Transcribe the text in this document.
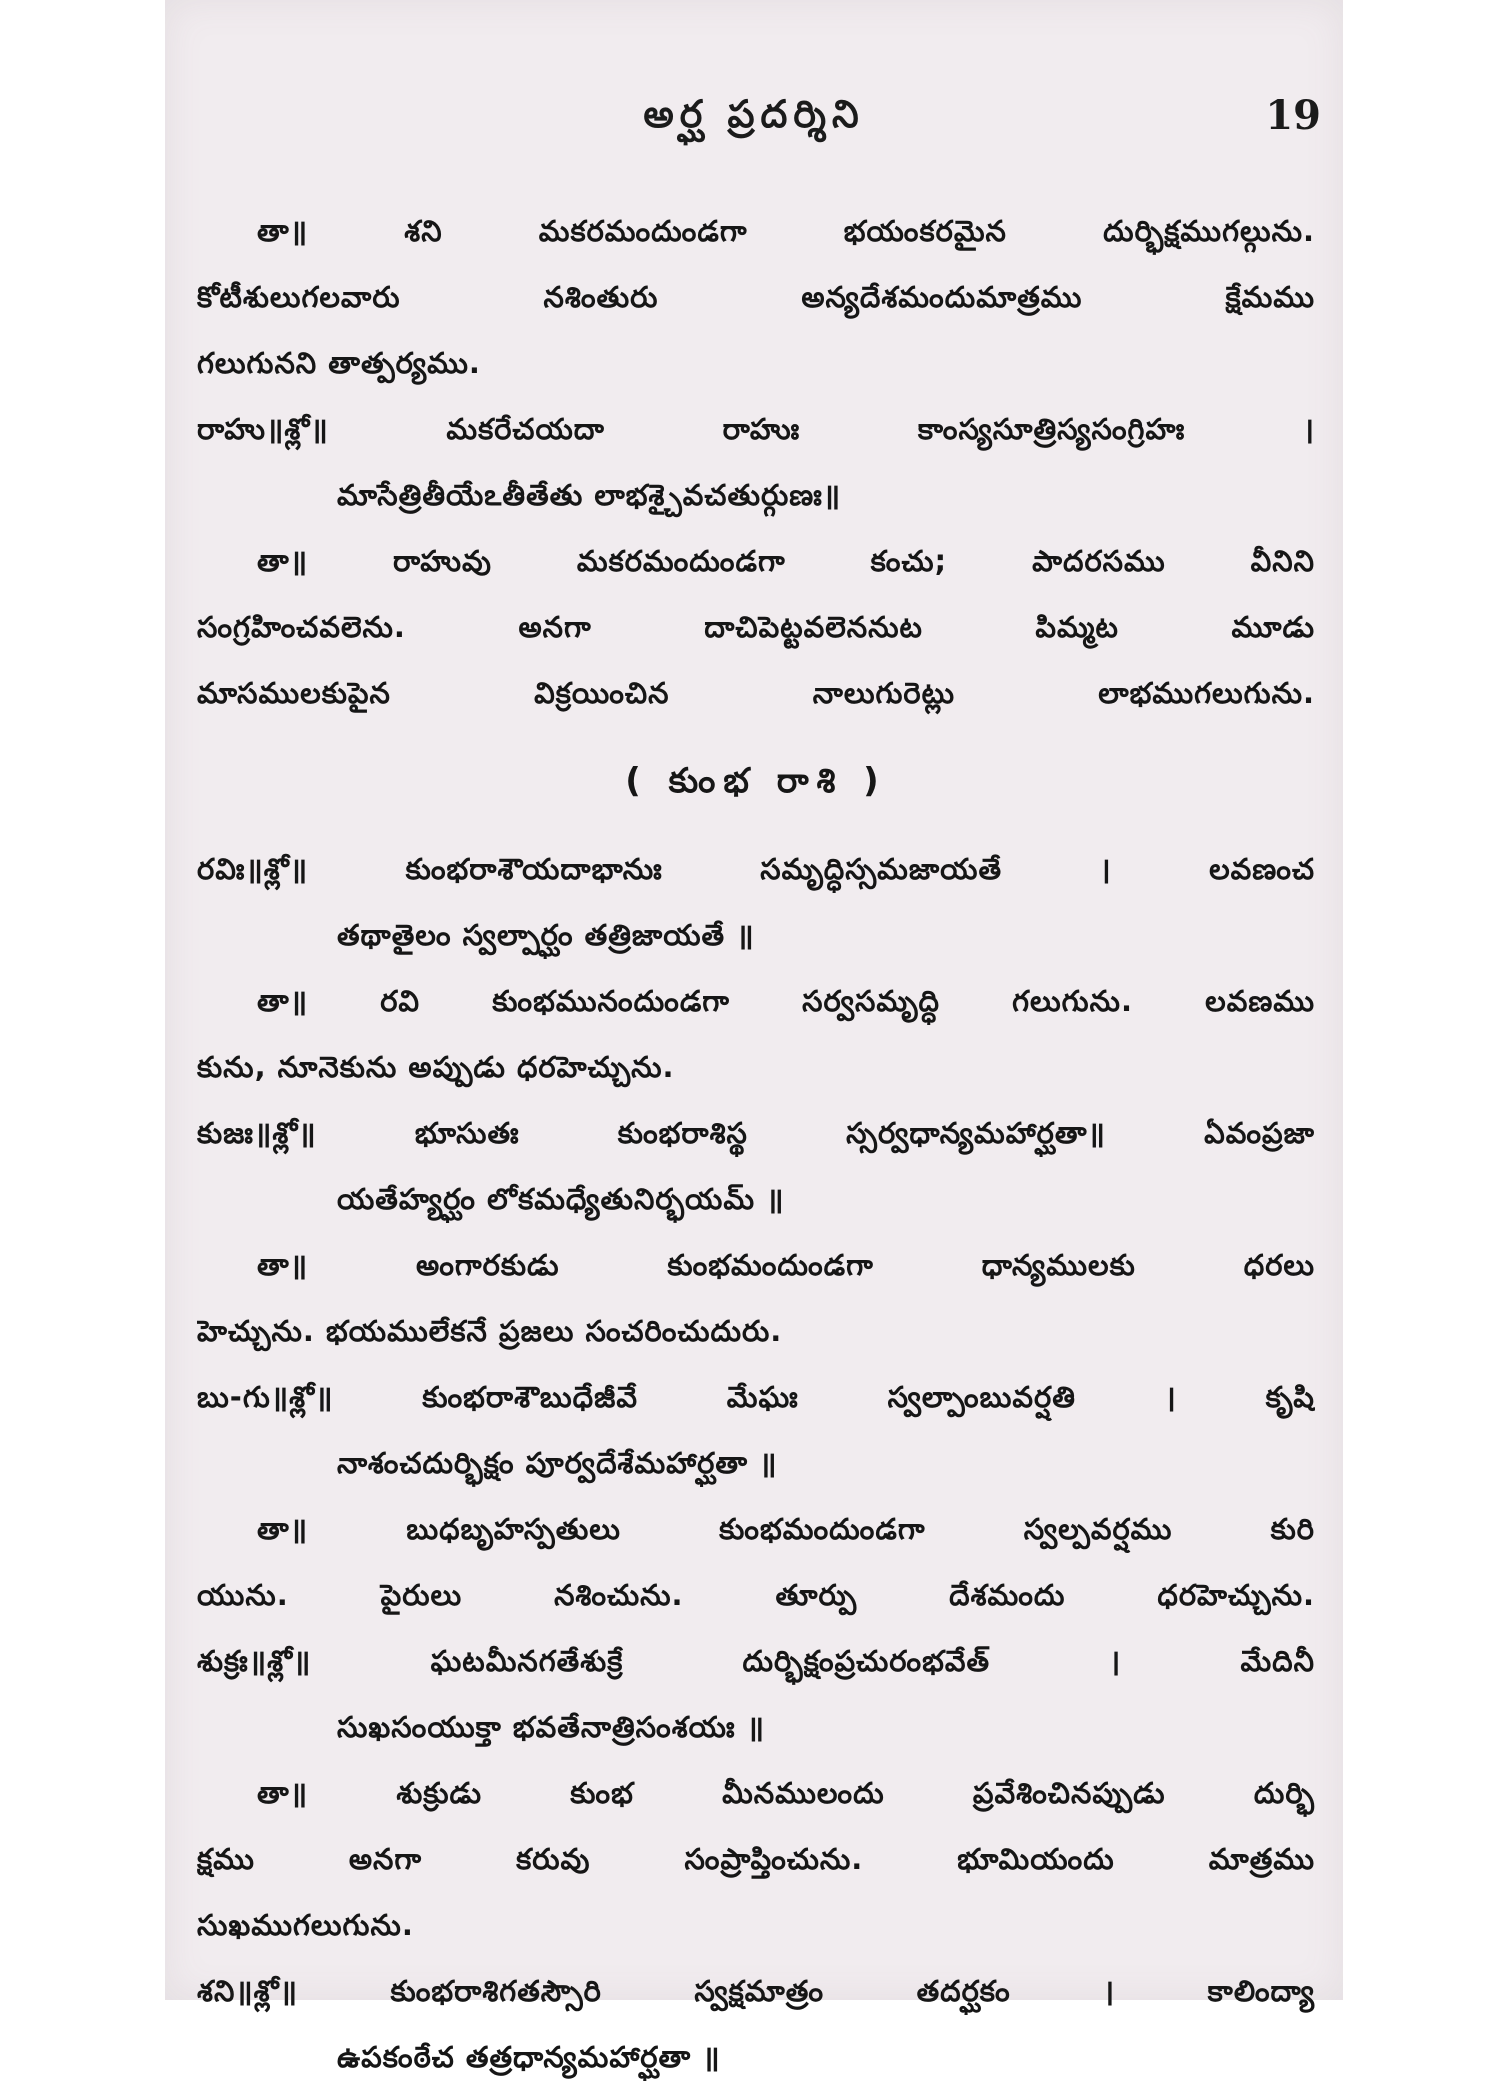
అర్ఘ ప్రదర్శిని	19
తా॥ శని మకరమందుండగా భయంకరమైన దుర్భిక్షముగల్గును.
కోటీశులుగలవారు నశింతురు అన్యదేశమందుమాత్రము క్షేమము
గలుగునని తాత్పర్యము.
రాహు॥శ్లో॥ మకరేచయదా రాహుః కాంస్యసూత్రిస్యసంగ్రిహః ।
మాసేత్రితీయేఽతీతేతు లాభశ్చైవచతుర్గుణః॥
తా॥ రాహువు మకరమందుండగా కంచు; పాదరసము వీనిని
సంగ్రహించవలెను. అనగా దాచిపెట్టవలెననుట పిమ్మట మూడు
మాసములకుపైన విక్రయించిన నాలుగురెట్లు లాభముగలుగును.
( కుంభ రాశి )
రవిః॥శ్లో॥ కుంభరాశౌయదాభానుః సమృద్ధిస్సమజాయతే । లవణంచ
తథాతైలం స్వల్పార్ఘం తత్రిజాయతే ॥
తా॥ రవి కుంభమునందుండగా సర్వసమృద్ధి గలుగును. లవణము
కును, నూనెకును అప్పుడు ధరహెచ్చును.
కుజః॥శ్లో॥ భూసుతః కుంభరాశిస్థ స్సర్వధాన్యమహార్ఘతా॥ ఏవంప్రజా
యతేహ్యర్ఘం లోకమధ్యేతునిర్భయమ్ ॥
తా॥ అంగారకుడు కుంభమందుండగా ధాన్యములకు ధరలు
హెచ్చును. భయములేకనే ప్రజలు సంచరించుదురు.
బు-గు॥శ్లో॥ కుంభరాశౌబుధేజీవే మేఘః స్వల్పాంబువర్షతి । కృషి
నాశంచదుర్భిక్షం పూర్వదేశేమహార్ఘతా ॥
తా॥ బుధబృహస్పతులు కుంభమందుండగా స్వల్పవర్షము కురి
యును. పైరులు నశించును. తూర్పు దేశమందు ధరహెచ్చును.
శుక్రః॥శ్లో॥ ఘటమీనగతేశుక్రే దుర్భిక్షంప్రచురంభవేత్ । మేదినీ
సుఖసంయుక్తా భవతేనాత్రిసంశయః ॥
తా॥ శుక్రుడు కుంభ మీనములందు ప్రవేశించినప్పుడు దుర్భి
క్షము అనగా కరువు సంప్రాప్తించును. భూమియందు మాత్రము
సుఖముగలుగును.
శని॥శ్లో॥ కుంభరాశిగతస్సౌరి స్వక్షమాత్రం తదర్ఘకం । కాలింద్యా
ఉపకంఠేచ తత్రధాన్యమహార్ఘతా ॥
